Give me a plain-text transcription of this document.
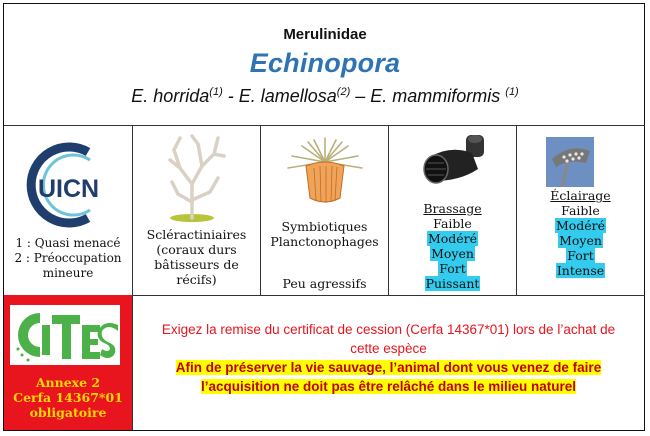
Merulinidae
Echinopora
E. horrida$^{(1)}$ - E. lamellosa$^{(2)}$ – E. mammiformis $^{(1)}$
UICN
1 : Quasi menacé
2 : Préoccupation
mineure
Scléractiniaires
(coraux durs
bâtisseurs de
récifs)
Symbiotiques
Planctonophages
Peu agressifs
Brassage
Faible
Modéré
Moyen
Fort
Puissant
Éclairage
Faible
Modéré
Moyen
Fort
Intense
Annexe 2
Cerfa 14367*01
obligatoire
Exigez la remise du certificat de cession (Cerfa 14367*01) lors de l’achat de
cette espèce
Afin de préserver la vie sauvage, l’animal dont vous venez de faire
l’acquisition ne doit pas être relâché dans le milieu naturel
